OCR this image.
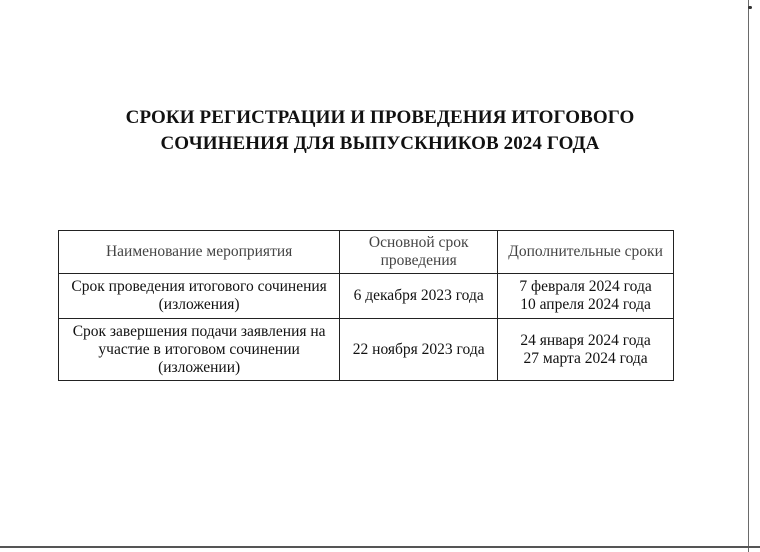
СРОКИ РЕГИСТРАЦИИ И ПРОВЕДЕНИЯ ИТОГОВОГО
СОЧИНЕНИЯ ДЛЯ ВЫПУСКНИКОВ 2024 ГОДА
Наименование мероприятия	Основной срок проведения	Дополнительные сроки
Срок проведения итогового сочинения (изложения)	6 декабря 2023 года	7 февраля 2024 года
10 апреля 2024 года

Срок завершения подачи заявления на участие в итоговом сочинении (изложении)	22 ноября 2023 года	24 января 2024 года
27 марта 2024 года
